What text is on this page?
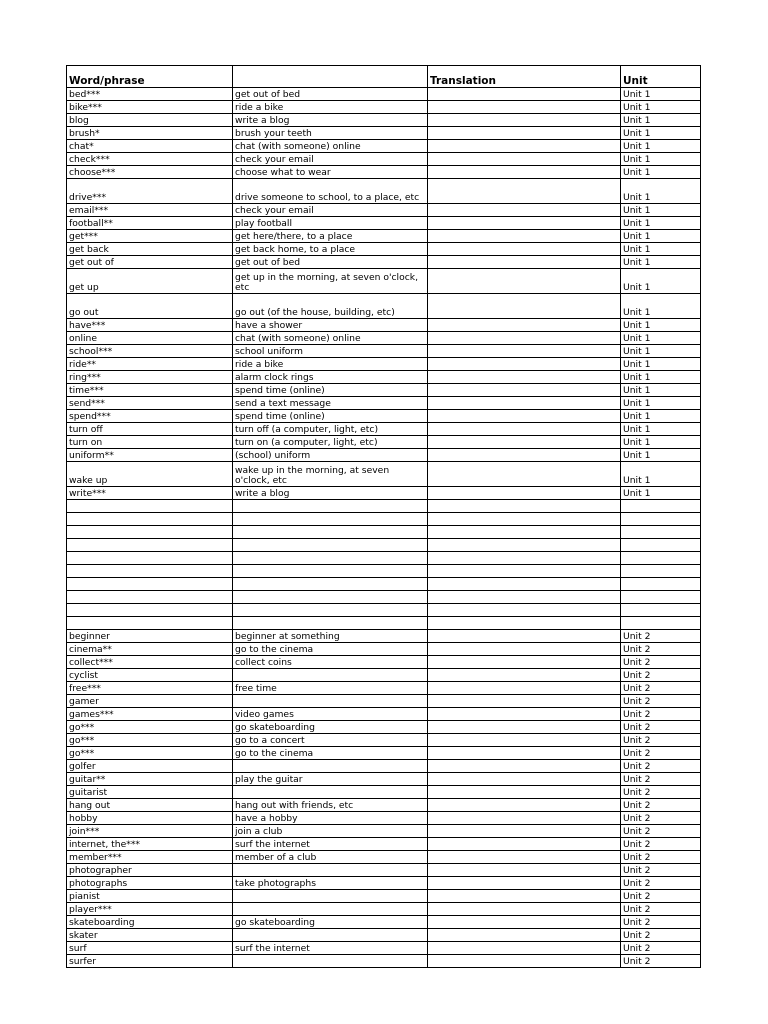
Word/phrase		Translation	Unit
bed***	get out of bed		Unit 1
bike***	ride a bike		Unit 1
blog	write a blog		Unit 1
brush*	brush your teeth		Unit 1
chat*	chat (with someone) online		Unit 1
check***	check your email		Unit 1
choose***	choose what to wear		Unit 1
drive***	drive someone to school, to a place, etc		Unit 1
email***	check your email		Unit 1
football**	play football		Unit 1
get***	get here/there, to a place		Unit 1
get back	get back home, to a place		Unit 1
get out of	get out of bed		Unit 1
get up	get up in the morning, at seven o'clock, etc		Unit 1
go out	go out (of the house, building, etc)		Unit 1
have***	have a shower		Unit 1
online	chat (with someone) online		Unit 1
school***	school uniform		Unit 1
ride**	ride a bike		Unit 1
ring***	alarm clock rings		Unit 1
time***	spend time (online)		Unit 1
send***	send a text message		Unit 1
spend***	spend time (online)		Unit 1
turn off	turn off (a computer, light, etc)		Unit 1
turn on	turn on (a computer, light, etc)		Unit 1
uniform**	(school) uniform		Unit 1
wake up	wake up in the morning, at seven o'clock, etc		Unit 1
write***	write a blog		Unit 1

beginner	beginner at something		Unit 2
cinema**	go to the cinema		Unit 2
collect***	collect coins		Unit 2
cyclist			Unit 2
free***	free time		Unit 2
gamer			Unit 2
games***	video games		Unit 2
go***	go skateboarding		Unit 2
go***	go to a concert		Unit 2
go***	go to the cinema		Unit 2
golfer			Unit 2
guitar**	play the guitar		Unit 2
guitarist			Unit 2
hang out	hang out with friends, etc		Unit 2
hobby	have a hobby		Unit 2
join***	join a club		Unit 2
internet, the***	surf the internet		Unit 2
member***	member of a club		Unit 2
photographer			Unit 2
photographs	take photographs		Unit 2
pianist			Unit 2
player***			Unit 2
skateboarding	go skateboarding		Unit 2
skater			Unit 2
surf	surf the internet		Unit 2
surfer			Unit 2
